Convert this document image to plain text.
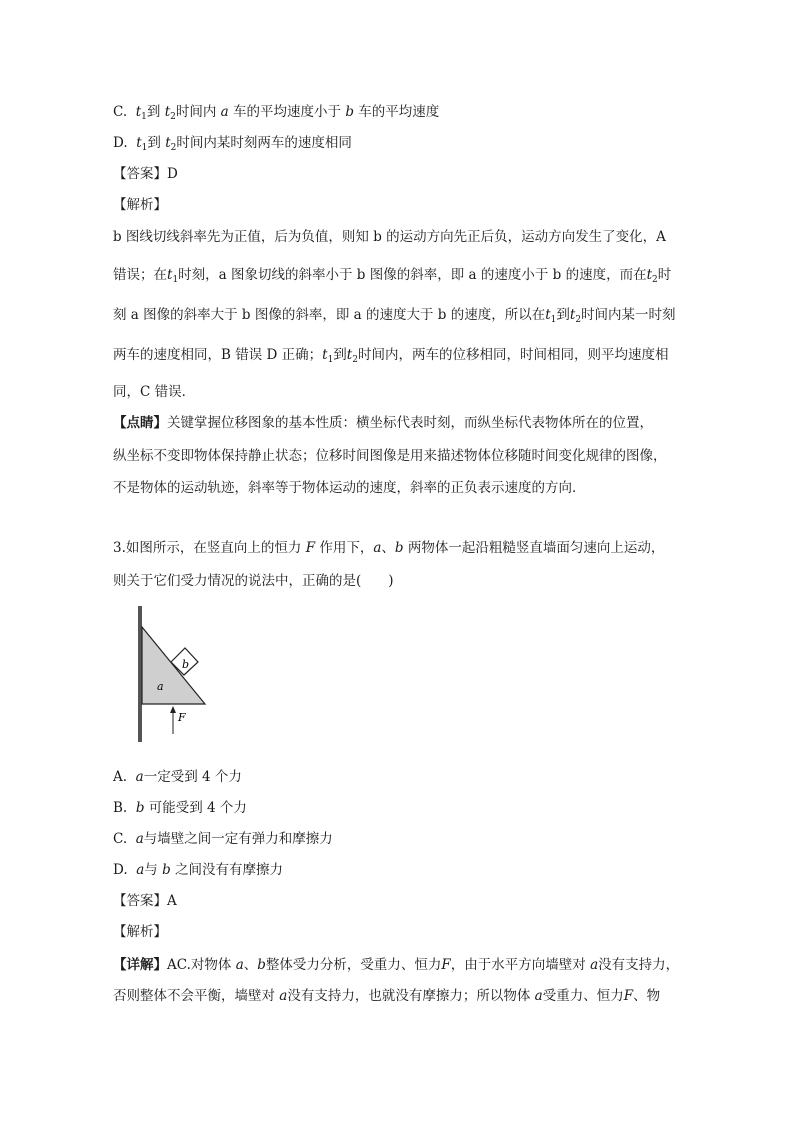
C. $t_1$到 $t_2$时间内 a 车的平均速度小于 b 车的平均速度
D. $t_1$到 $t_2$时间内某时刻两车的速度相同
【答案】D
【解析】
b 图线切线斜率先为正值，后为负值，则知 b 的运动方向先正后负，运动方向发生了变化，A
错误；在$t_1$时刻，a 图象切线的斜率小于 b 图像的斜率，即 a 的速度小于 b 的速度，而在$t_2$时
刻 a 图像的斜率大于 b 图像的斜率，即 a 的速度大于 b 的速度，所以在$t_1$到$t_2$时间内某一时刻
两车的速度相同，B 错误 D 正确；$t_1$到$t_2$时间内，两车的位移相同，时间相同，则平均速度相
同，C 错误．
【点睛】关键掌握位移图象的基本性质：横坐标代表时刻，而纵坐标代表物体所在的位置，
纵坐标不变即物体保持静止状态；位移时间图像是用来描述物体位移随时间变化规律的图像，
不是物体的运动轨迹，斜率等于物体运动的速度，斜率的正负表示速度的方向．
3.如图所示，在竖直向上的恒力 F 作用下，a、b 两物体一起沿粗糙竖直墙面匀速向上运动，
则关于它们受力情况的说法中，正确的是(　　)
b
a
F
A. a一定受到 4 个力
B. b 可能受到 4 个力
C. a与墙壁之间一定有弹力和摩擦力
D. a与 b 之间没有有摩擦力
【答案】A
【解析】
【详解】AC.对物体 a、b整体受力分析，受重力、恒力F，由于水平方向墙壁对 a没有支持力，
否则整体不会平衡，墙壁对 a没有支持力，也就没有摩擦力；所以物体 a受重力、恒力F、物
